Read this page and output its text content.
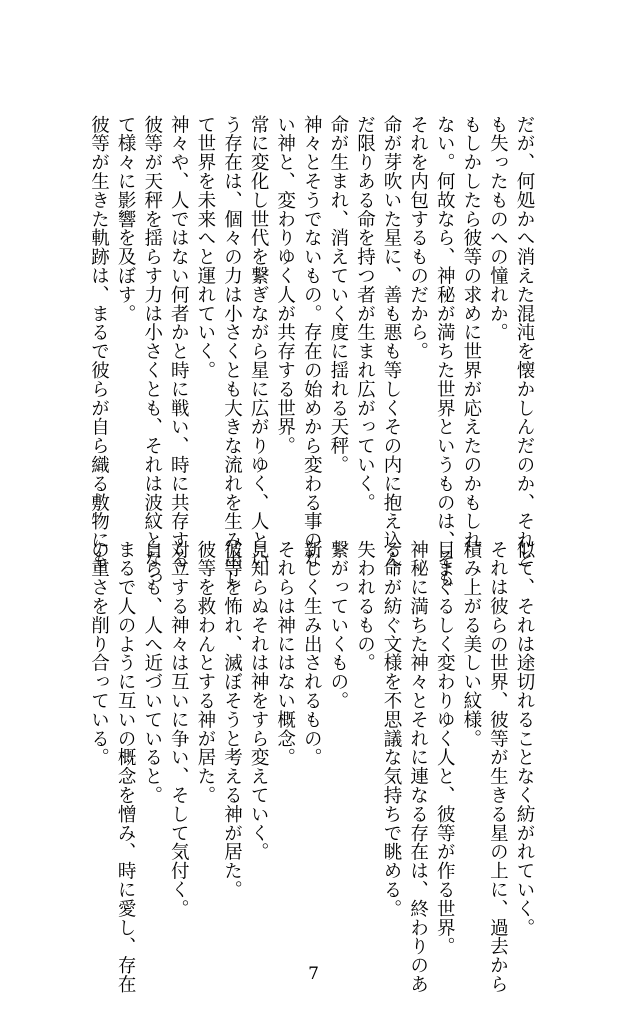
だが、何処かへ消えた混沌を懐かしんだのか、それと
も失ったものへの憧れか。
もしかしたら彼等の求めに世界が応えたのかもしれ
ない。何故なら、神秘が満ちた世界というものは、そも
それを内包するものだから。
命が芽吹いた星に、善も悪も等しくその内に抱え込ん
だ限りある命を持つ者が生まれ広がっていく。
命が生まれ、消えていく度に揺れる天秤。
神々とそうでないもの。存在の始めから変わる事のな
い神と、変わりゆく人が共存する世界。
常に変化し世代を繋ぎながら星に広がりゆく、人とい
う存在は、個々の力は小さくとも大きな流れを生み出し
て世界を未来へと運れていく。
神々や、人ではない何者かと時に戦い、時に共存する
彼等が天秤を揺らす力は小さくとも、それは波紋となっ
て様々に影響を及ぼす。
彼等が生きた軌跡は、まるで彼らが自ら織る敷物にも
似て、それは途切れることなく紡がれていく。
それは彼らの世界、彼等が生きる星の上に、過去から
積み上がる美しい紋様。
目まぐるしく変わりゆく人と、彼等が作る世界。
神秘に満ちた神々とそれに連なる存在は、終わりのあ
る命が紡ぐ文様を不思議な気持ちで眺める。
失われるもの。
繋がっていくもの。
新しく生み出されるもの。
それらは神にはない概念。
見知らぬそれは神をすら変えていく。
彼等を怖れ、滅ぼそうと考える神が居た。
彼等を救わんとする神が居た。
対立する神々は互いに争い、そして気付く。
自らも、人へ近づいていると。
まるで人のように互いの概念を憎み、時に愛し、存在
の重さを削り合っている。
7
